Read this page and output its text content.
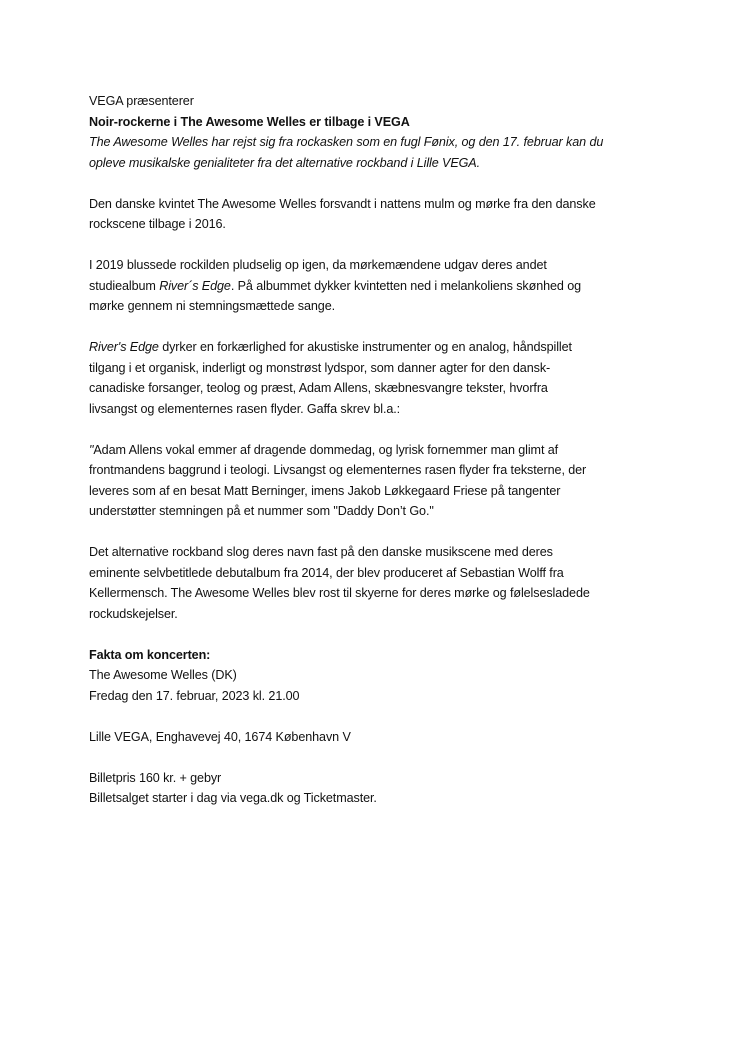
VEGA præsenterer
Noir-rockerne i The Awesome Welles er tilbage i VEGA
The Awesome Welles har rejst sig fra rockasken som en fugl Fønix, og den 17. februar kan du
opleve musikalske genialiteter fra det alternative rockband i Lille VEGA.
Den danske kvintet The Awesome Welles forsvandt i nattens mulm og mørke fra den danske
rockscene tilbage i 2016.
I 2019 blussede rockilden pludselig op igen, da mørkemændene udgav deres andet
studiealbum River´s Edge. På albummet dykker kvintetten ned i melankoliens skønhed og
mørke gennem ni stemningsmættede sange.
River's Edge dyrker en forkærlighed for akustiske instrumenter og en analog, håndspillet
tilgang i et organisk, inderligt og monstrøst lydspor, som danner agter for den dansk-
canadiske forsanger, teolog og præst, Adam Allens, skæbnesvangre tekster, hvorfra
livsangst og elementernes rasen flyder. Gaffa skrev bl.a.:
"Adam Allens vokal emmer af dragende dommedag, og lyrisk fornemmer man glimt af
frontmandens baggrund i teologi. Livsangst og elementernes rasen flyder fra teksterne, der
leveres som af en besat Matt Berninger, imens Jakob Løkkegaard Friese på tangenter
understøtter stemningen på et nummer som "Daddy Don’t Go."
Det alternative rockband slog deres navn fast på den danske musikscene med deres
eminente selvbetitlede debutalbum fra 2014, der blev produceret af Sebastian Wolff fra
Kellermensch. The Awesome Welles blev rost til skyerne for deres mørke og følelsesladede
rockudskejelser.
Fakta om koncerten:
The Awesome Welles (DK)
Fredag den 17. februar, 2023 kl. 21.00
Lille VEGA, Enghavevej 40, 1674 København V
Billetpris 160 kr. + gebyr
Billetsalget starter i dag via vega.dk og Ticketmaster.
